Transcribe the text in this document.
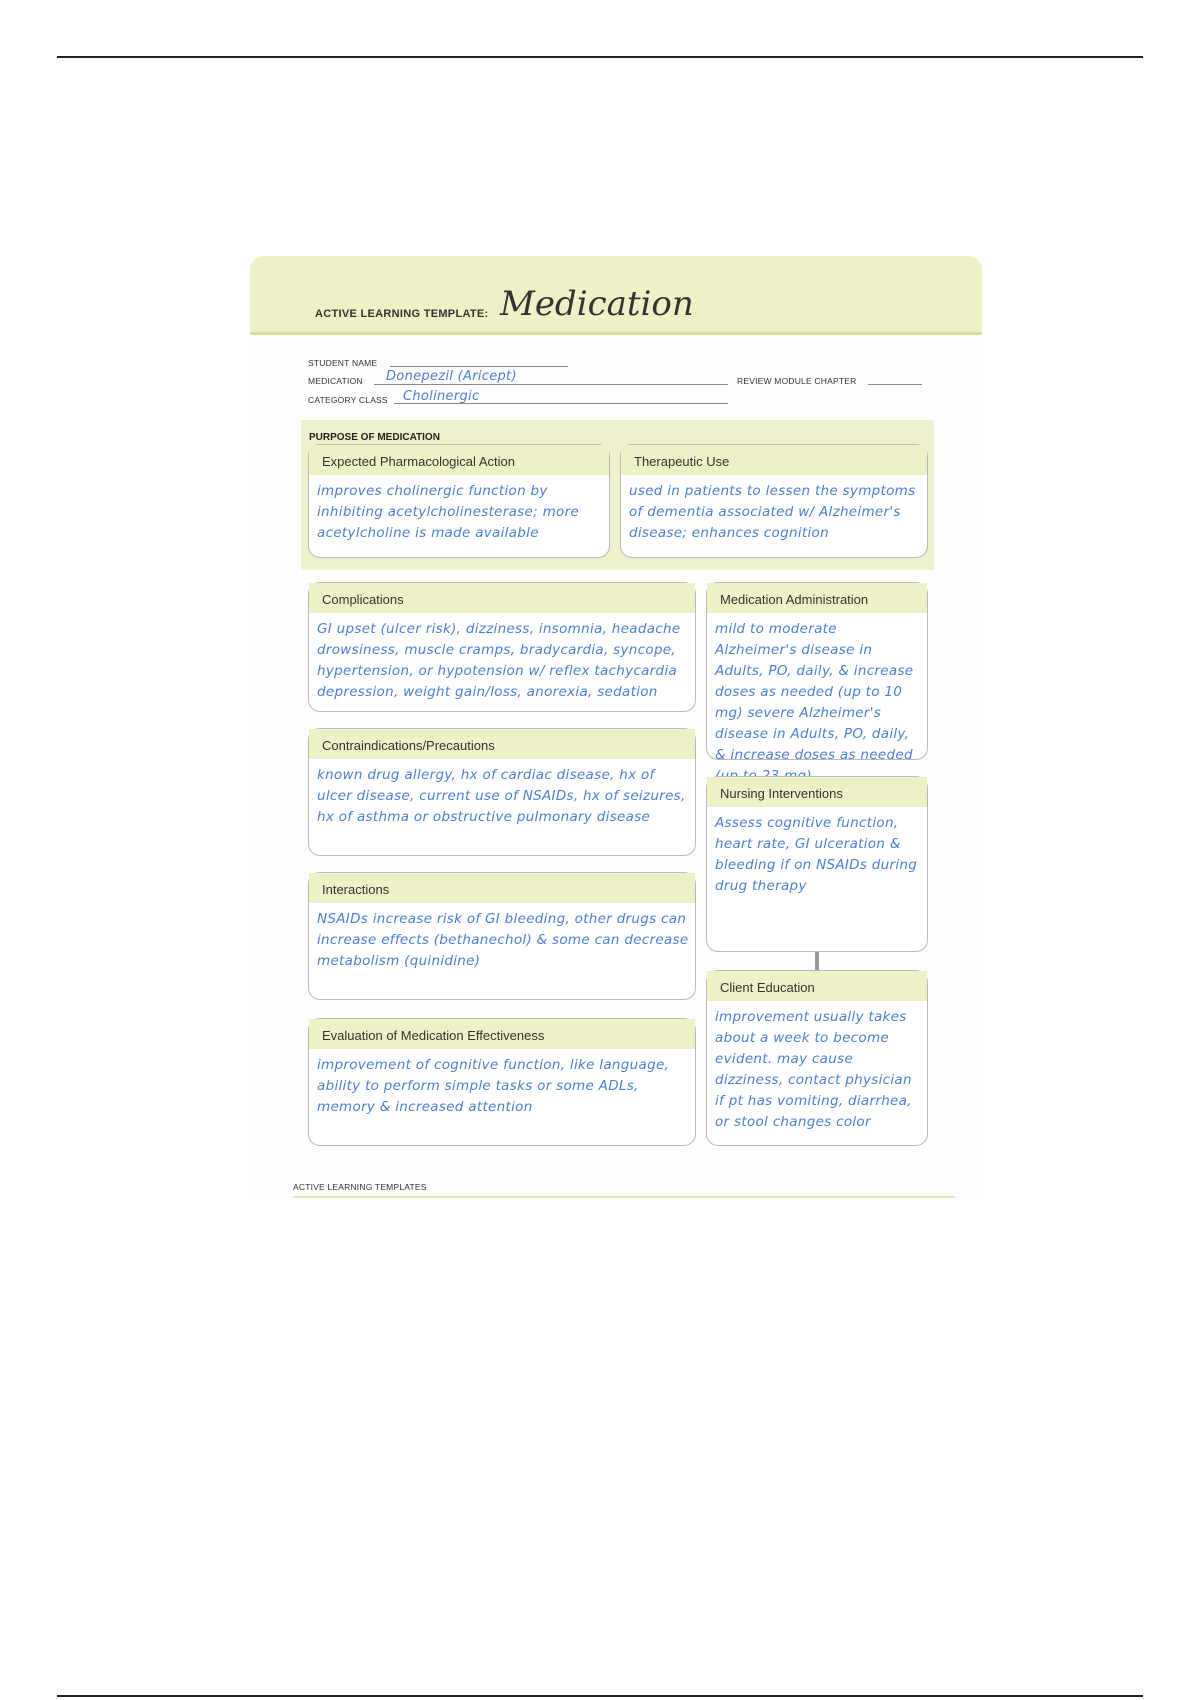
ACTIVE LEARNING TEMPLATE: Medication
STUDENT NAME
MEDICATION Donepezil (Aricept)	REVIEW MODULE CHAPTER
CATEGORY CLASS Cholinergic
PURPOSE OF MEDICATION
Expected Pharmacological Action
improves cholinergic function by inhibiting acetylcholinesterase; more acetylcholine is made available
Therapeutic Use
used in patients to lessen the symptoms of dementia associated w/ Alzheimer's disease; enhances cognition
Complications
GI upset (ulcer risk), dizziness, insomnia, headache drowsiness, muscle cramps, bradycardia, syncope, hypertension, or hypotension w/ reflex tachycardia depression, weight gain/loss, anorexia, sedation
Medication Administration
mild to moderate Alzheimer's disease in Adults, PO, daily, & increase doses as needed (up to 10 mg) severe Alzheimer's disease in Adults, PO, daily, & increase doses as needed
Contraindications/Precautions
known drug allergy, hx of cardiac disease, hx of ulcer disease, current use of NSAIDs, hx of seizures, hx of asthma or obstructive pulmonary disease
Nursing Interventions
Assess cognitive function, heart rate, GI ulceration & bleeding if on NSAIDs during drug therapy
Interactions
NSAIDs increase risk of GI bleeding, other drugs can increase effects (bethanechol) & some can decrease metabolism (quinidine)
Client Education
improvement usually takes about a week to become evident. may cause dizziness, contact physician if pt has vomiting, diarrhea, or stool changes color
Evaluation of Medication Effectiveness
improvement of cognitive function, like language, ability to perform simple tasks or some ADLs, memory & increased attention
ACTIVE LEARNING TEMPLATES
